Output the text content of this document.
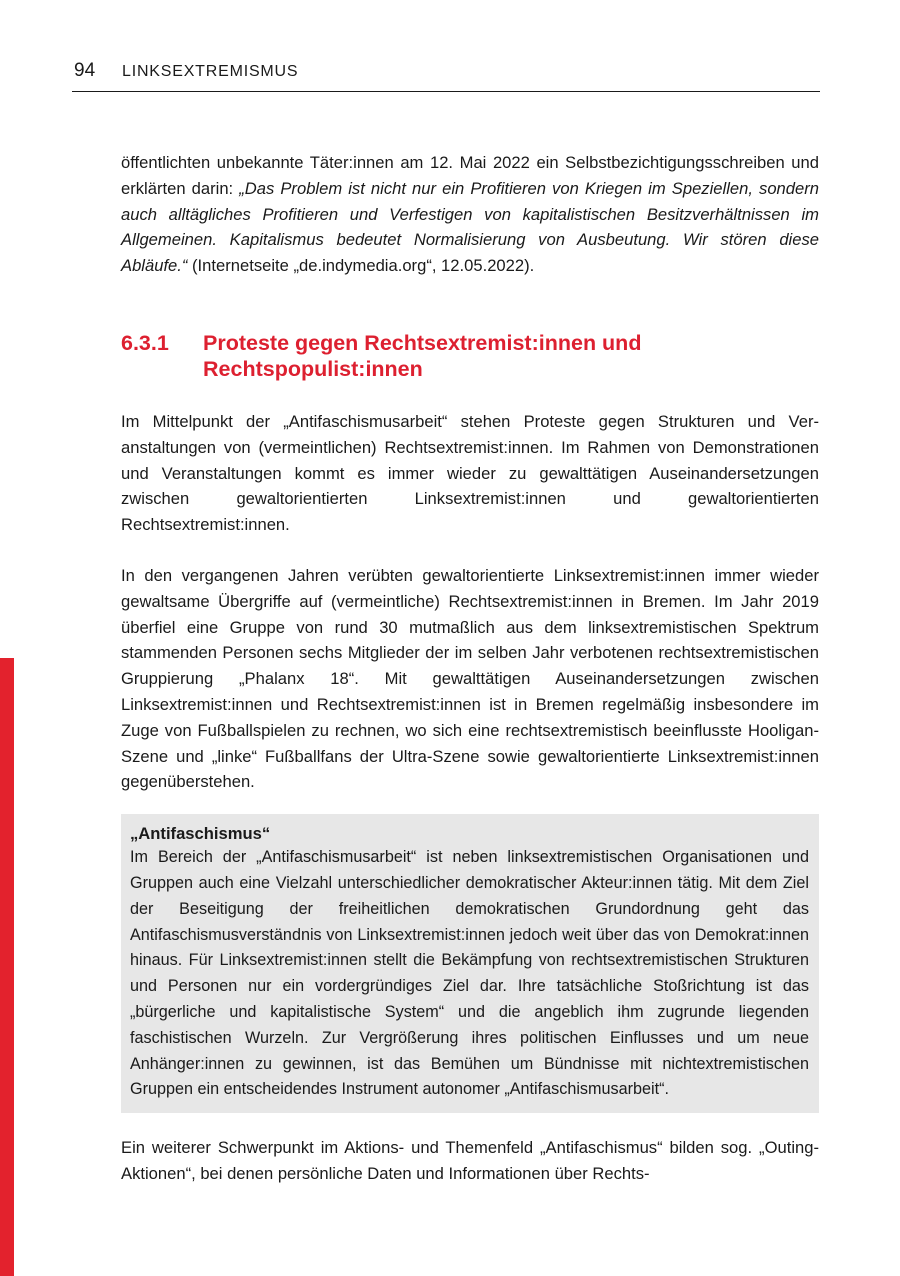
94 LINKSEXTREMISMUS

öffentlichten unbekannte Täter:innen am 12. Mai 2022 ein Selbstbezichtigungsschreiben und erklärten darin: „Das Problem ist nicht nur ein Profitieren von Kriegen im Speziellen, sondern auch alltägliches Profitieren und Verfestigen von kapitalistischen Besitzverhältnissen im Allgemeinen. Kapitalismus bedeutet Normalisierung von Ausbeutung. Wir stören diese Abläufe.“ (Internetseite „de.indymedia.org“, 12.05.2022).

6.3.1	Proteste gegen Rechtsextremist:innen und Rechtspopulist:innen

Im Mittelpunkt der „Antifaschismusarbeit“ stehen Proteste gegen Strukturen und Veranstaltungen von (vermeintlichen) Rechtsextremist:innen. Im Rahmen von Demonstrationen und Veranstaltungen kommt es immer wieder zu gewalttätigen Auseinandersetzungen zwischen gewaltorientierten Linksextremist:innen und gewaltorientierten Rechtsextremist:innen.

In den vergangenen Jahren verübten gewaltorientierte Linksextremist:innen immer wieder gewaltsame Übergriffe auf (vermeintliche) Rechtsextremist:innen in Bremen. Im Jahr 2019 überfiel eine Gruppe von rund 30 mutmaßlich aus dem linksextremistischen Spektrum stammenden Personen sechs Mitglieder der im selben Jahr verbotenen rechtsextremistischen Gruppierung „Phalanx 18“. Mit gewalttätigen Auseinandersetzungen zwischen Linksextremist:innen und Rechtsextremist:innen ist in Bremen regelmäßig insbesondere im Zuge von Fußballspielen zu rechnen, wo sich eine rechtsextremistisch beeinflusste Hooligan-Szene und „linke“ Fußballfans der Ultra-Szene sowie gewaltorientierte Linksextremist:innen gegenüberstehen.

„Antifaschismus“

Im Bereich der „Antifaschismusarbeit“ ist neben linksextremistischen Organisationen und Gruppen auch eine Vielzahl unterschiedlicher demokratischer Akteur:innen tätig. Mit dem Ziel der Beseitigung der freiheitlichen demokratischen Grundordnung geht das Antifaschismusverständnis von Linksextremist:innen jedoch weit über das von Demokrat:innen hinaus. Für Linksextremist:innen stellt die Bekämpfung von rechtsextremistischen Strukturen und Personen nur ein vordergründiges Ziel dar. Ihre tatsächliche Stoßrichtung ist das „bürgerliche und kapitalistische System“ und die angeblich ihm zugrunde liegenden faschistischen Wurzeln. Zur Vergrößerung ihres politischen Einflusses und um neue Anhänger:innen zu gewinnen, ist das Bemühen um Bündnisse mit nichtextremistischen Gruppen ein entscheidendes Instrument autonomer „Antifaschismusarbeit“.

Ein weiterer Schwerpunkt im Aktions- und Themenfeld „Antifaschismus“ bilden sog. „Outing-Aktionen“, bei denen persönliche Daten und Informationen über Rechts-
